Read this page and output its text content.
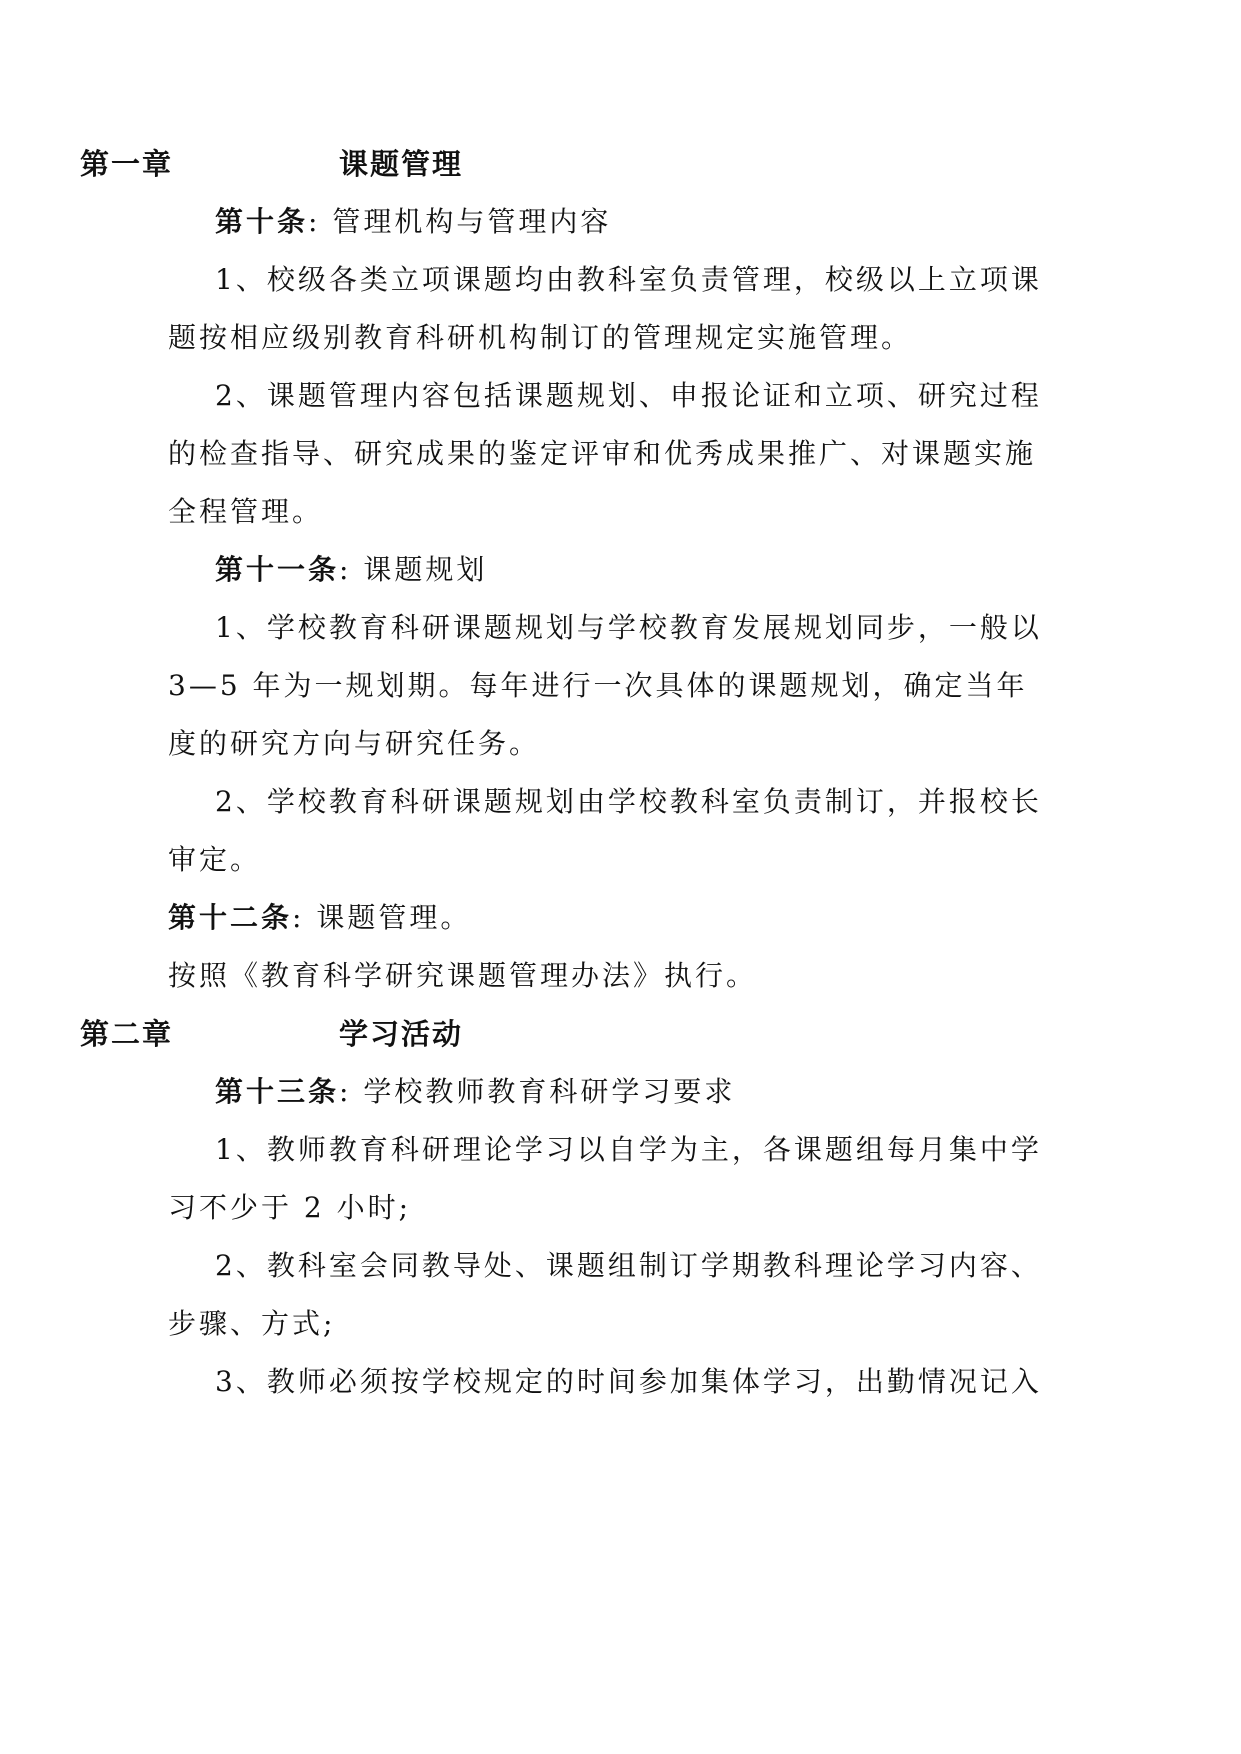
第一章	课题管理
第十条: 管理机构与管理内容
1、校级各类立项课题均由教科室负责管理，校级以上立项课
题按相应级别教育科研机构制订的管理规定实施管理。
2、课题管理内容包括课题规划、申报论证和立项、研究过程
的检查指导、研究成果的鉴定评审和优秀成果推广、对课题实施
全程管理。
第十一条: 课题规划
1、学校教育科研课题规划与学校教育发展规划同步，一般以
3—5 年为一规划期。每年进行一次具体的课题规划，确定当年
度的研究方向与研究任务。
2、学校教育科研课题规划由学校教科室负责制订，并报校长
审定。
第十二条: 课题管理。
按照《教育科学研究课题管理办法》执行。
第二章	学习活动
第十三条: 学校教师教育科研学习要求
1、教师教育科研理论学习以自学为主，各课题组每月集中学
习不少于 2 小时;
2、教科室会同教导处、课题组制订学期教科理论学习内容、
步骤、方式;
3、教师必须按学校规定的时间参加集体学习，出勤情况记入
